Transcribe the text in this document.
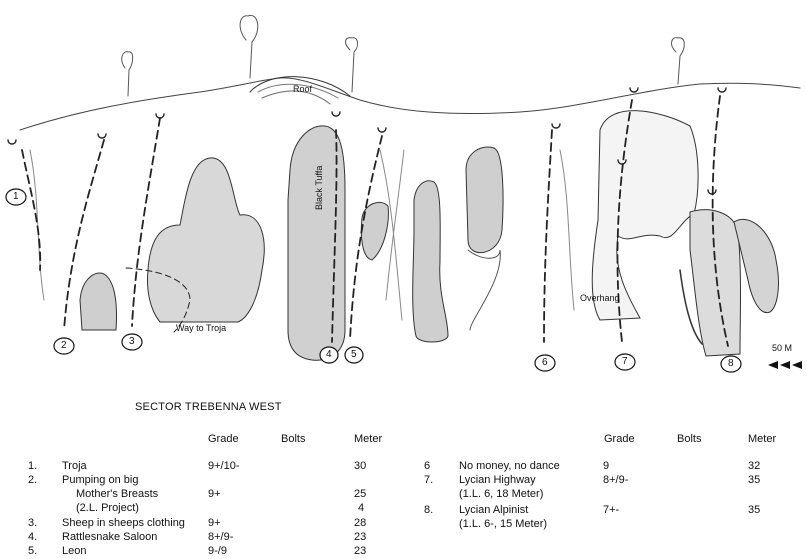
1
2	3
4 5
6	7	8
Roof
Black Tuffa
Way to Troja
Overhang
50 M
SECTOR TREBENNA WEST
Grade	Bolts	Meter	Grade	Bolts	Meter
1. Troja	9+/10-	30
2. Pumping on big
Mother's Breasts	9+	25
(2.L. Project)	4
3. Sheep in sheeps clothing 9+	28
4. Rattlesnake Saloon	8+/9-	23
5. Leon	9-/9	23
6	No money, no dance	9	32
7. Lycian Highway	8+/9-	35
(1.L. 6, 18 Meter)
8. Lycian Alpinist	7+-	35
(1.L. 6-, 15 Meter)
